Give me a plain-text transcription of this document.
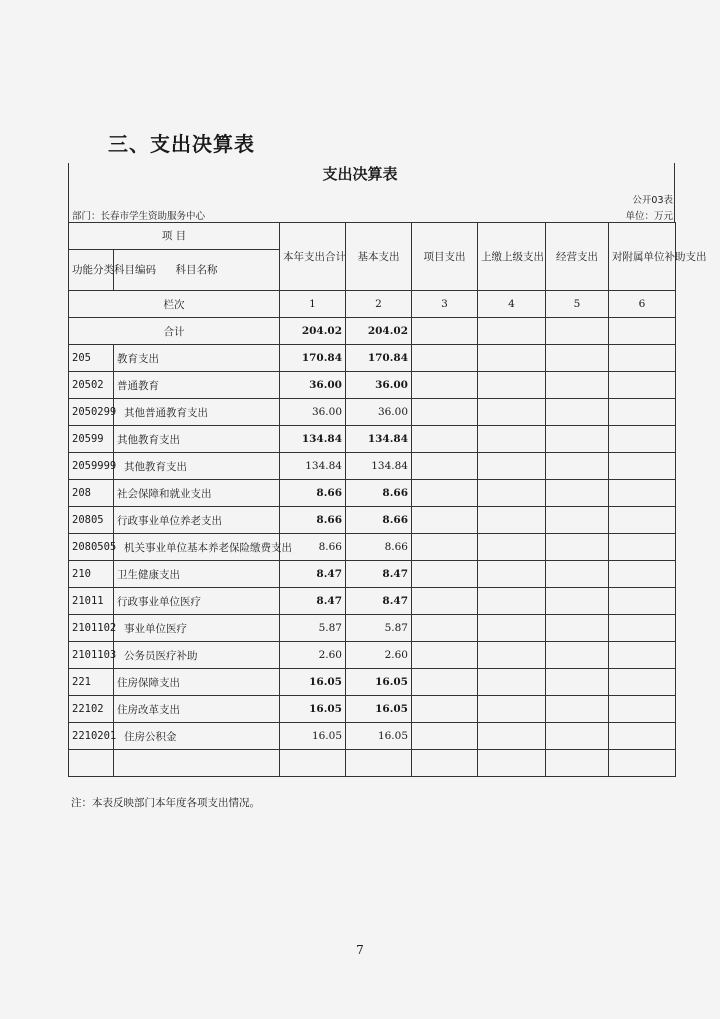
三、支出决算表
支出决算表
公开03表
部门：长春市学生资助服务中心	单位：万元
项 目		本年支出合计	基本支出	项目支出	上缴上级支出	经营支出	对附属单位补助支出
功能分类科目编码	科目名称						

栏次		1	2	3	4	5	6
合计		204.02	204.02				
205	教育支出	170.84	170.84				
20502	普通教育	36.00	36.00				
2050299	其他普通教育支出	36.00	36.00				
20599	其他教育支出	134.84	134.84				
2059999	其他教育支出	134.84	134.84				
208	社会保障和就业支出	8.66	8.66				
20805	行政事业单位养老支出	8.66	8.66				
2080505	机关事业单位基本养老保险缴费支出	8.66	8.66				
210	卫生健康支出	8.47	8.47				
21011	行政事业单位医疗	8.47	8.47				
2101102	事业单位医疗	5.87	5.87				
2101103	公务员医疗补助	2.60	2.60				
221	住房保障支出	16.05	16.05				
22102	住房改革支出	16.05	16.05				
2210201	住房公积金	16.05	16.05				

注：本表反映部门本年度各项支出情况。
7
